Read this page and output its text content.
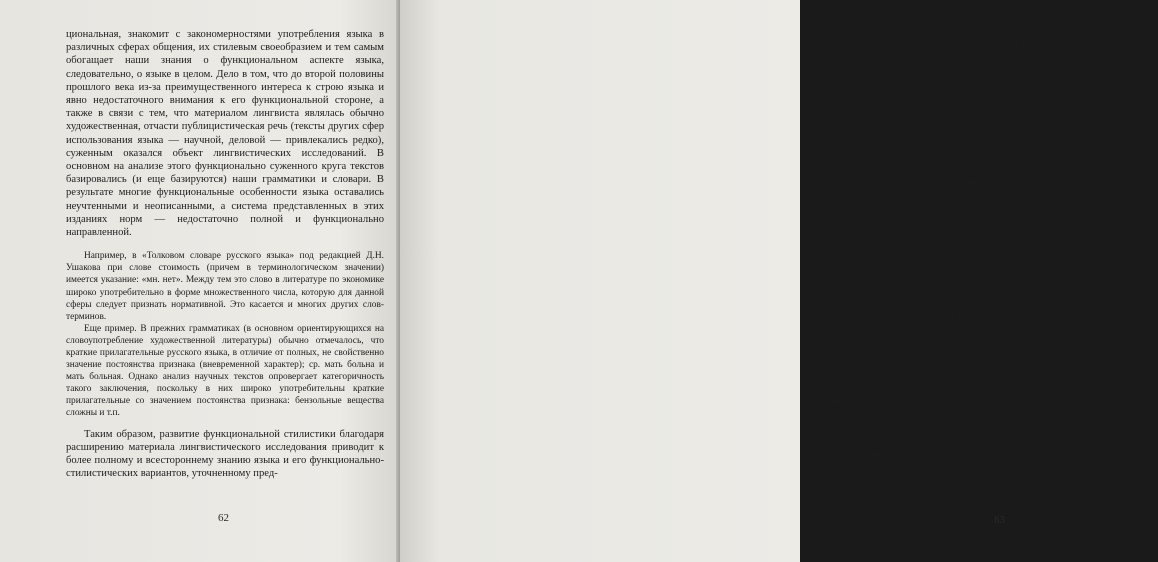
циональная, знакомит с закономерностями употребления языка в различных сферах общения, их стилевым своеобразием и тем самым обогащает наши знания о функциональном аспекте языка, следовательно, о языке в целом. Дело в том, что до второй половины прошлого века из-за преимущественного интереса к строю языка и явно недостаточного внимания к его функциональной стороне, а также в связи с тем, что материалом лингвиста являлась обычно художественная, отчасти публицистическая речь (тексты других сфер использования языка — научной, деловой — привлекались редко), суженным оказался объект лингвистических исследований. В основном на анализе этого функционально суженного круга текстов базировались (и еще базируются) наши грамматики и словари. В результате многие функциональные особенности языка оставались неучтенными и неописанными, а система представленных в этих изданиях норм — недостаточно полной и функционально направленной.

Например, в «Толковом словаре русского языка» под редакцией Д.Н. Ушакова при слове стоимость (причем в терминологическом значении) имеется указание: «мн. нет». Между тем это слово в литературе по экономике широко употребительно в форме множественного числа, которую для данной сферы следует признать нормативной. Это касается и многих других слов-терминов.

Еще пример. В прежних грамматиках (в основном ориентирующихся на словоупотребление художественной литературы) обычно отмечалось, что краткие прилагательные русского языка, в отличие от полных, не свойственно значение постоянства признака (вневременной характер); ср. мать больна и мать больная. Однако анализ научных текстов опровергает категоричность такого заключения, поскольку в них широко употребительны краткие прилагательные со значением постоянства признака: бензольные вещества сложны и т.п.

Таким образом, развитие функциональной стилистики благодаря расширению материала лингвистического исследования приводит к более полному и всестороннему знанию языка и его функционально-стилистических вариантов, уточненному пред-

62

ставлению о стилевой норме. Язык уже представляется не монолитом, более или менее одинаково репрезентируемый своим основным нейтральным фондом в различных сферах общения. Последние заметно различаются в этом плане: они избирательно относятся к общеязыковому потенциалу, отбирая из него лишь коммуникативно целесообразное для той или иной сферы, нередко семантически трансформируя его и «изобретая» новое, исходя из задач общения.

Значение стилистики обнаруживается и в углубленном специальном изучении проблем взаимодействия лингвистического и экстралингвистического, в том числе, например, проблемы связи языка/речи и мышления, влияния на речь и ее типологию различных социальных факторов. Заметим, что с применением стилистических методов удается довольно убедительно доказать влияние тех или иных конкретных экстралингвистических факторов на стиль речи, и при этом на определенные его черты. А с развитием диахронического аспекта функционально-стилистических исследований в сочетании с использованием данных и методов гносеологии, психологии, социологии, науковедения и т.п. создается возможность не абстрактно в общетеоретическом плане, а конкретно изучать проблемы взаимодействия языка/речи и мышления, различных «типов рациональности» (или стилей мышления) в истории развития общества. Кроме того, глубже понять и описать, например, законы построения, развертывания и интерпретации смысловой структуры научного текста.

Следует отметить, что с развитием функциональной стилистики все более укрепляется статус ее как теоретической дисциплины.

§ 22. Помимо значения стилистики собственно для теории языка, ценность ее еще и в том, что она закладывает теоретические основы ряда прикладных дисциплин — культуры речи, практической стилистики, методов редактирования, школьной методики преподавания русского языка (проблемы развития речи), методики преподавания русского языка как иностранно-

63
